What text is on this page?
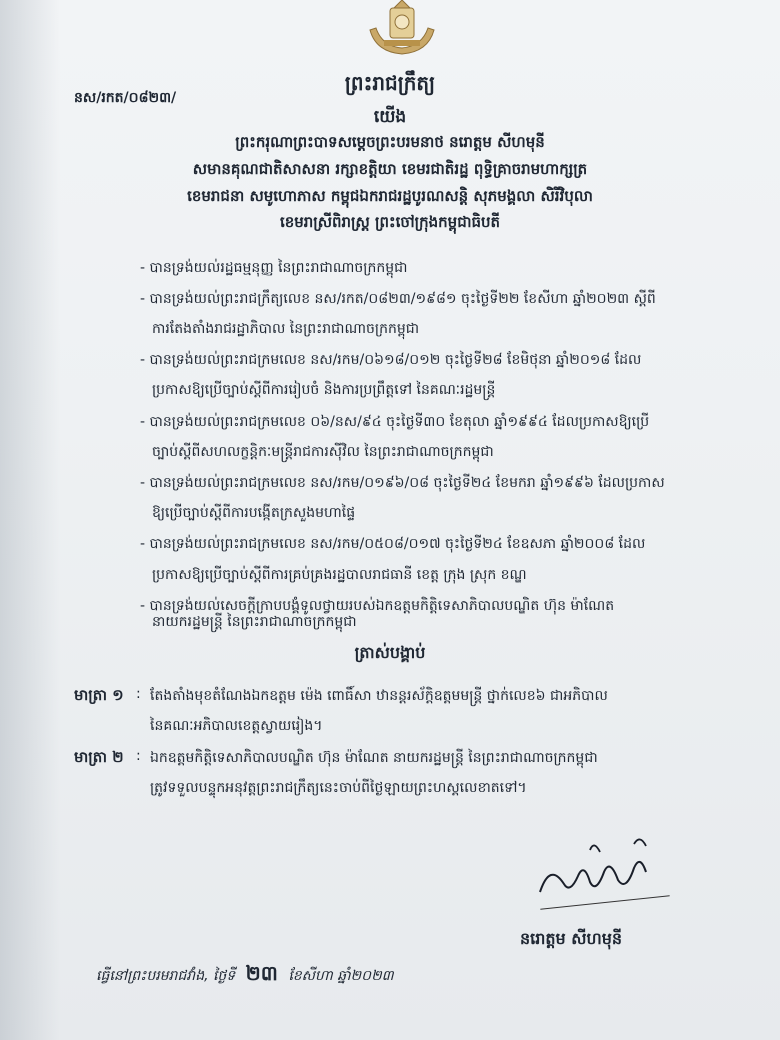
នស/រកត/០៨២៣/
ព្រះរាជក្រឹត្យ
យើង
ព្រះករុណាព្រះបាទសម្តេចព្រះបរមនាថ នរោត្តម សីហមុនី
សមានគុណជាតិសាសនា រក្សាខត្តិយា ខេមរជាតិរដ្ឋ ពុទ្ធិគ្រាចរាមហាក្សត្រ
ខេមរាជនា សមូហោភាស កម្ពុជឯករាជរដ្ឋបូរណសន្តិ សុភមង្គលា សិរីវិបុលា
ខេមរាស្រីពិរាស្ត្រ ព្រះចៅក្រុងកម្ពុជាធិបតី
- បានទ្រង់យល់រដ្ឋធម្មនុញ្ញ នៃព្រះរាជាណាចក្រកម្ពុជា
- បានទ្រង់យល់ព្រះរាជក្រឹត្យលេខ នស/រកត/០៨២៣/១៩៨១ ចុះថ្ងៃទី២២ ខែសីហា ឆ្នាំ២០២៣ ស្តីពី
ការតែងតាំងរាជរដ្ឋាភិបាល នៃព្រះរាជាណាចក្រកម្ពុជា
- បានទ្រង់យល់ព្រះរាជក្រមលេខ នស/រកម/០៦១៨/០១២ ចុះថ្ងៃទី២៨ ខែមិថុនា ឆ្នាំ២០១៨ ដែល
ប្រកាសឱ្យប្រើច្បាប់ស្តីពីការរៀបចំ និងការប្រព្រឹត្តទៅ នៃគណៈរដ្ឋមន្ត្រី
- បានទ្រង់យល់ព្រះរាជក្រមលេខ ០៦/នស/៩៤ ចុះថ្ងៃទី៣០ ខែតុលា ឆ្នាំ១៩៩៤ ដែលប្រកាសឱ្យប្រើ
ច្បាប់ស្តីពីសហលក្ខន្តិកៈមន្ត្រីរាជការស៊ីវិល នៃព្រះរាជាណាចក្រកម្ពុជា
- បានទ្រង់យល់ព្រះរាជក្រមលេខ នស/រកម/០១៩៦/០៨ ចុះថ្ងៃទី២៤ ខែមករា ឆ្នាំ១៩៩៦ ដែលប្រកាស
ឱ្យប្រើច្បាប់ស្តីពីការបង្កើតក្រសួងមហាផ្ទៃ
- បានទ្រង់យល់ព្រះរាជក្រមលេខ នស/រកម/០៥០៨/០១៧ ចុះថ្ងៃទី២៤ ខែឧសភា ឆ្នាំ២០០៨ ដែល
ប្រកាសឱ្យប្រើច្បាប់ស្តីពីការគ្រប់គ្រងរដ្ឋបាលរាជធានី ខេត្ត ក្រុង ស្រុក ខណ្ឌ
- បានទ្រង់យល់សេចក្តីក្រាបបង្គំទូលថ្វាយរបស់ឯកឧត្តមកិត្តិទេសាភិបាលបណ្ឌិត ហ៊ុន ម៉ាណែត
នាយករដ្ឋមន្ត្រី នៃព្រះរាជាណាចក្រកម្ពុជា
ត្រាស់បង្គាប់
មាត្រា ១ : តែងតាំងមុខតំណែងឯកឧត្តម ម៉េង ពោធិ៍សា ឋានន្តរស័ក្តិឧត្តមមន្ត្រី ថ្នាក់លេខ៦ ជាអភិបាល
នៃគណៈអភិបាលខេត្តស្វាយរៀង។
មាត្រា ២ : ឯកឧត្តមកិត្តិទេសាភិបាលបណ្ឌិត ហ៊ុន ម៉ាណែត នាយករដ្ឋមន្ត្រី នៃព្រះរាជាណាចក្រកម្ពុជា
ត្រូវទទួលបន្ទុកអនុវត្តព្រះរាជក្រឹត្យនេះចាប់ពីថ្ងៃឡាយព្រះហស្តលេខាតទៅ។
នរោត្តម សីហមុនី
ធ្វើនៅព្រះបរមរាជវាំង, ថ្ងៃទី ២៣ ខែសីហា ឆ្នាំ២០២៣
